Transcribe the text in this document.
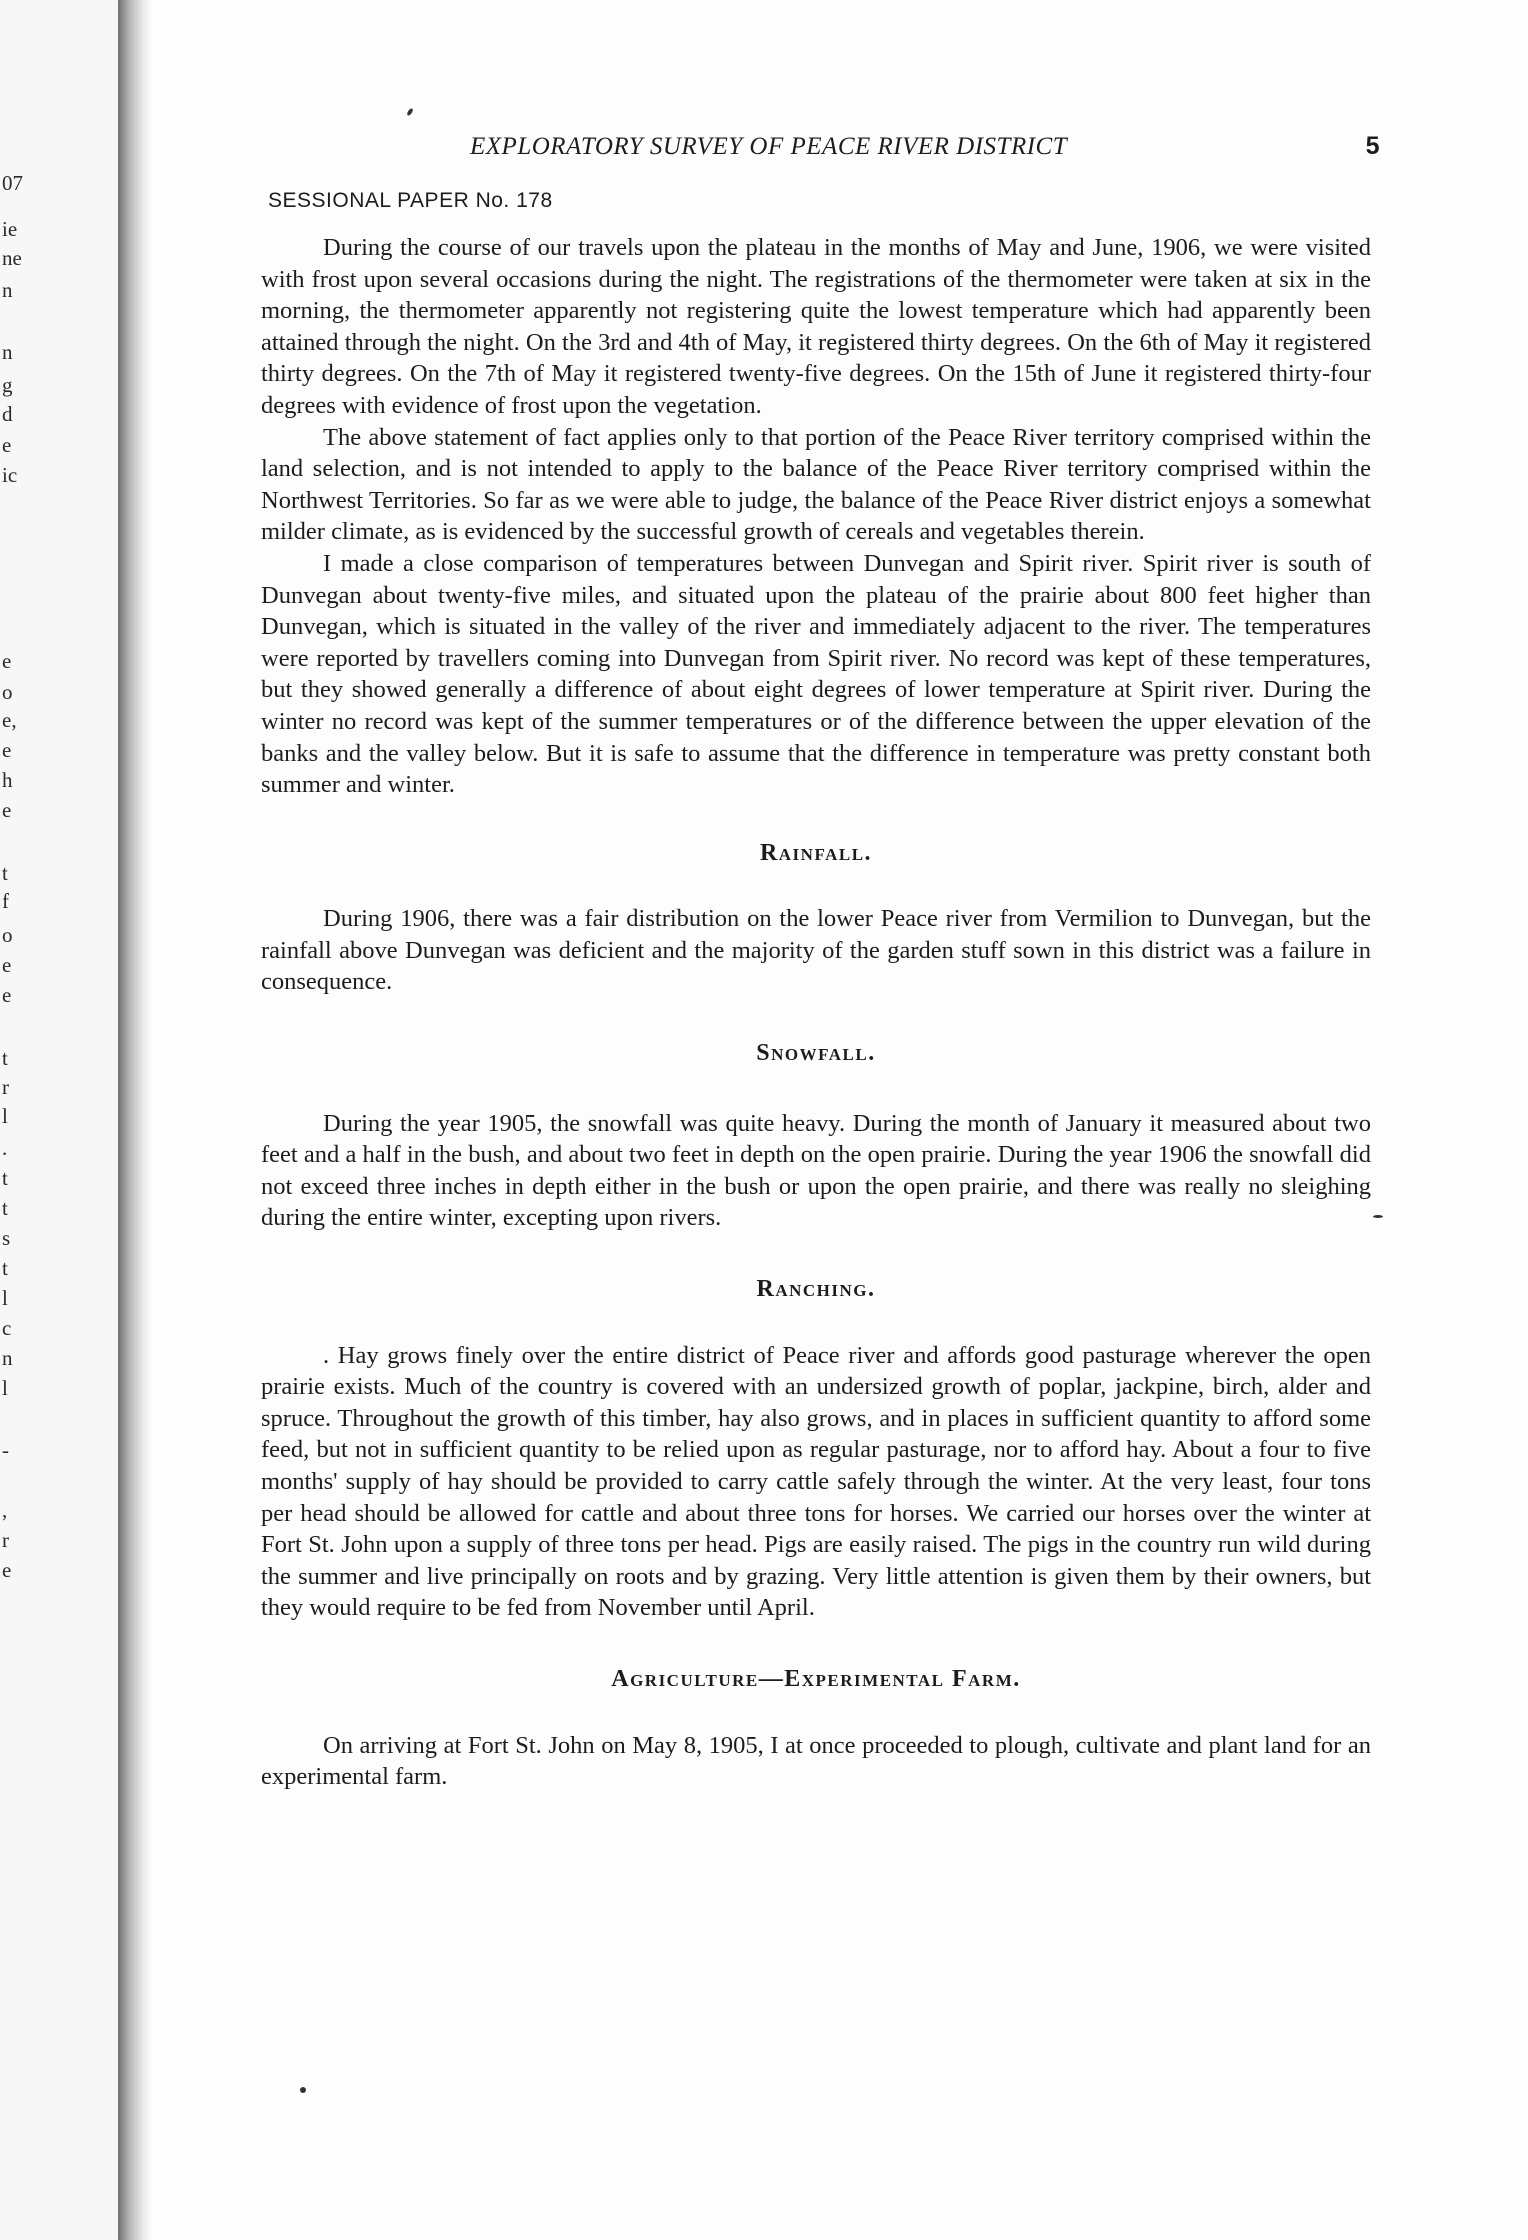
07
ie
ne
n
n
g
d
e
ic
e
o
e,
e
h
e
t
f
o
e
e
t
r
l
.
t
t
s
t
l
c
n
l
-
,
r
e
EXPLORATORY SURVEY OF PEACE RIVER DISTRICT	5
SESSIONAL PAPER No. 178

During the course of our travels upon the plateau in the months of May and June, 1906, we were visited with frost upon several occasions during the night. The registrations of the thermometer were taken at six in the morning, the thermometer apparently not registering quite the lowest temperature which had apparently been attained through the night. On the 3rd and 4th of May, it registered thirty degrees. On the 6th of May it registered thirty degrees. On the 7th of May it registered twenty-five degrees. On the 15th of June it registered thirty-four degrees with evidence of frost upon the vegetation.

The above statement of fact applies only to that portion of the Peace River territory comprised within the land selection, and is not intended to apply to the balance of the Peace River territory comprised within the Northwest Territories. So far as we were able to judge, the balance of the Peace River district enjoys a somewhat milder climate, as is evidenced by the successful growth of cereals and vegetables therein.

I made a close comparison of temperatures between Dunvegan and Spirit river. Spirit river is south of Dunvegan about twenty-five miles, and situated upon the plateau of the prairie about 800 feet higher than Dunvegan, which is situated in the valley of the river and immediately adjacent to the river. The temperatures were reported by travellers coming into Dunvegan from Spirit river. No record was kept of these temperatures, but they showed generally a difference of about eight degrees of lower temperature at Spirit river. During the winter no record was kept of the summer temperatures or of the difference between the upper elevation of the banks and the valley below. But it is safe to assume that the difference in temperature was pretty constant both summer and winter.

Rainfall.

During 1906, there was a fair distribution on the lower Peace river from Vermilion to Dunvegan, but the rainfall above Dunvegan was deficient and the majority of the garden stuff sown in this district was a failure in consequence.

Snowfall.

During the year 1905, the snowfall was quite heavy. During the month of January it measured about two feet and a half in the bush, and about two feet in depth on the open prairie. During the year 1906 the snowfall did not exceed three inches in depth either in the bush or upon the open prairie, and there was really no sleighing during the entire winter, excepting upon rivers.

Ranching.

. Hay grows finely over the entire district of Peace river and affords good pasturage wherever the open prairie exists. Much of the country is covered with an undersized growth of poplar, jackpine, birch, alder and spruce. Throughout the growth of this timber, hay also grows, and in places in sufficient quantity to afford some feed, but not in sufficient quantity to be relied upon as regular pasturage, nor to afford hay. About a four to five months' supply of hay should be provided to carry cattle safely through the winter. At the very least, four tons per head should be allowed for cattle and about three tons for horses. We carried our horses over the winter at Fort St. John upon a supply of three tons per head. Pigs are easily raised. The pigs in the country run wild during the summer and live principally on roots and by grazing. Very little attention is given them by their owners, but they would require to be fed from November until April.

Agriculture—Experimental Farm.

On arriving at Fort St. John on May 8, 1905, I at once proceeded to plough, cultivate and plant land for an experimental farm.
